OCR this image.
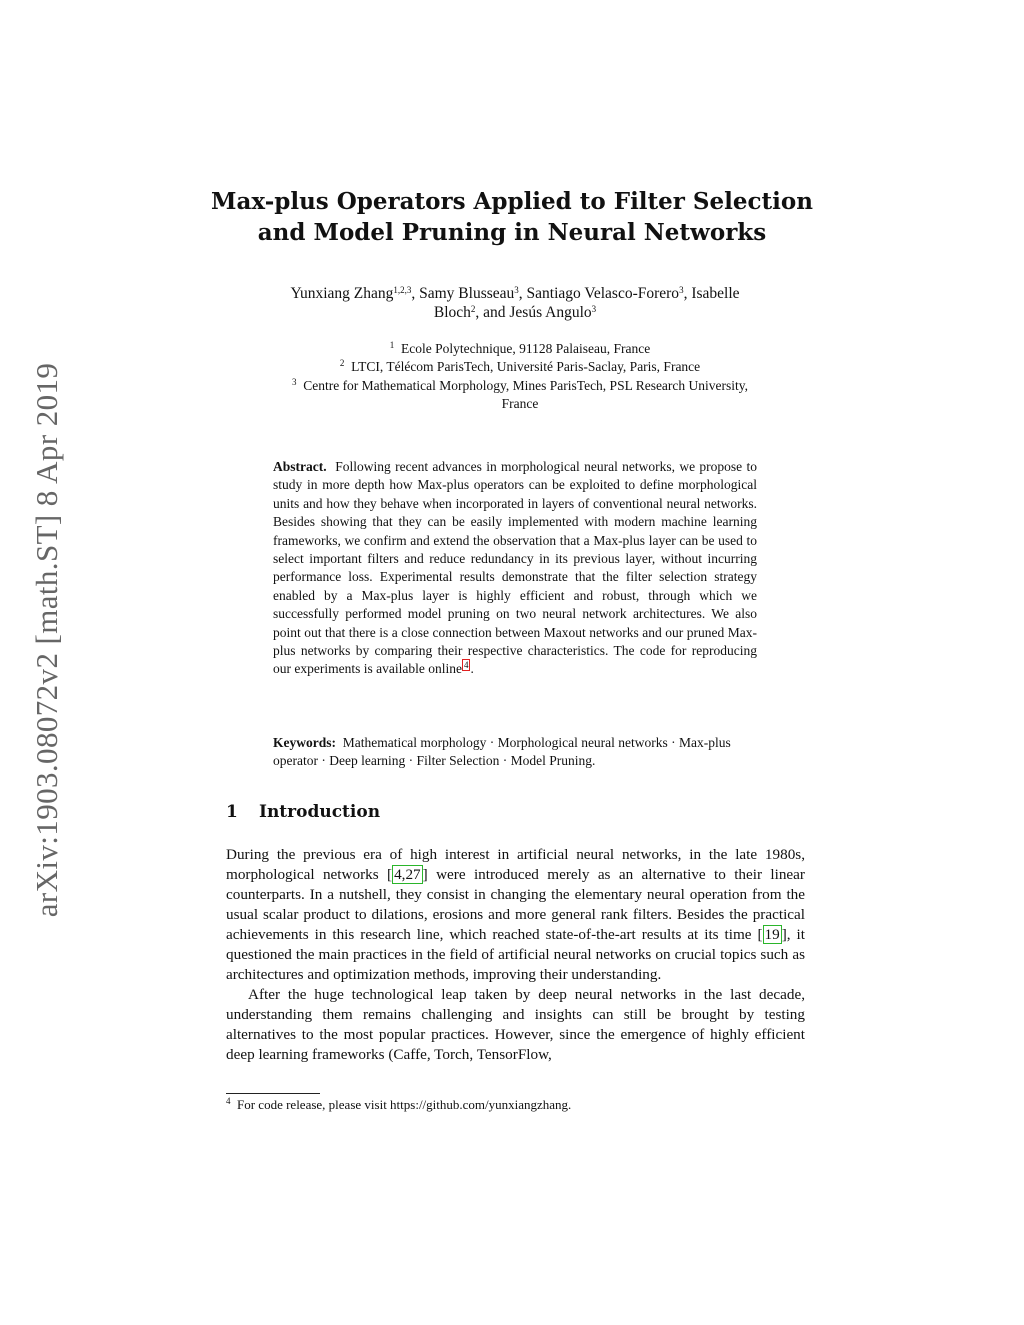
arXiv:1903.08072v2 [math.ST] 8 Apr 2019
Max-plus Operators Applied to Filter Selection
and Model Pruning in Neural Networks
Yunxiang Zhang$^{1,2,3}$, Samy Blusseau$^3$, Santiago Velasco-Forero$^3$, Isabelle
Bloch$^2$, and Jesús Angulo$^3$
$^1$ Ecole Polytechnique, 91128 Palaiseau, France
$^2$ LTCI, Télécom ParisTech, Université Paris-Saclay, Paris, France
$^3$ Centre for Mathematical Morphology, Mines ParisTech, PSL Research University,
France
Abstract. Following recent advances in morphological neural networks, we propose to study in more depth how Max-plus operators can be exploited to define morphological units and how they behave when incorporated in layers of conventional neural networks. Besides showing that they can be easily implemented with modern machine learning frameworks, we confirm and extend the observation that a Max-plus layer can be used to select important filters and reduce redundancy in its previous layer, without incurring performance loss. Experimental results demonstrate that the filter selection strategy enabled by a Max-plus layer is highly efficient and robust, through which we successfully performed model pruning on two neural network architectures. We also point out that there is a close connection between Maxout networks and our pruned Max-plus networks by comparing their respective characteristics. The code for reproducing our experiments is available online $^4$ .
Keywords: Mathematical morphology · Morphological neural networks · Max-plus operator · Deep learning · Filter Selection · Model Pruning.
1 Introduction

During the previous era of high interest in artificial neural networks, in the late 1980s, morphological networks [ 4,27 ] were introduced merely as an alternative to their linear counterparts. In a nutshell, they consist in changing the elementary neural operation from the usual scalar product to dilations, erosions and more general rank filters. Besides the practical achievements in this research line, which reached state-of-the-art results at its time [ 19 ], it questioned the main practices in the field of artificial neural networks on crucial topics such as architectures and optimization methods, improving their understanding.

After the huge technological leap taken by deep neural networks in the last decade, understanding them remains challenging and insights can still be brought by testing alternatives to the most popular practices. However, since the emergence of highly efficient deep learning frameworks (Caffe, Torch, TensorFlow,

$^4$ For code release, please visit https://github.com/yunxiangzhang.
